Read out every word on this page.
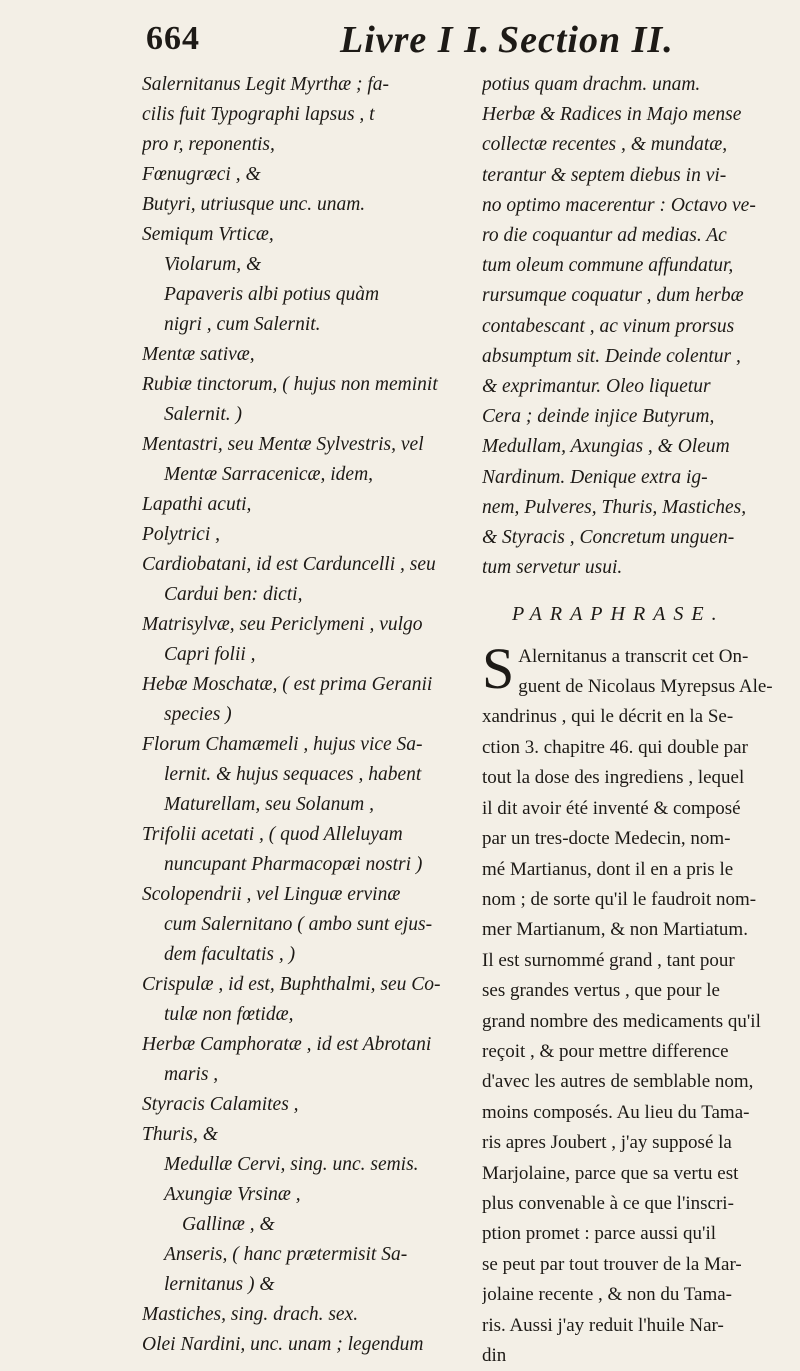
664	Livre I I. Section II.
Salernitanus Legit Myrthæ ; fa-
cilis fuit Typographi lapsus , t
pro r, reponentis,
Fœnugræci , &
Butyri, utriusque unc. unam.
Semiqum Vrticæ,
Violarum, &
Papaveris albi potius quàm
nigri , cum Salernit.
Mentæ sativæ,
Rubiæ tinctorum, ( hujus non meminit
Salernit. )
Mentastri, seu Mentæ Sylvestris, vel
Mentæ Sarracenicæ, idem,
Lapathi acuti,
Polytrici ,
Cardiobatani, id est Carduncelli , seu
Cardui ben: dicti,
Matrisylvæ, seu Periclymeni , vulgo
Capri folii ,
Hebæ Moschatæ, ( est prima Geranii
species )
Florum Chamæmeli , hujus vice Sa-
lernit. & hujus sequaces , habent
Maturellam, seu Solanum ,
Trifolii acetati , ( quod Alleluyam
nuncupant Pharmacopæi nostri )
Scolopendrii , vel Linguæ ervinæ
cum Salernitano ( ambo sunt ejus-
dem facultatis , )
Crispulæ , id est, Buphthalmi, seu Co-
tulæ non fœtidæ,
Herbæ Camphoratæ , id est Abrotani
maris ,
Styracis Calamites ,
Thuris, &
Medullæ Cervi, sing. unc. semis.
Axungiæ Vrsinæ ,
Gallinæ , &
Anseris, ( hanc prætermisit Sa-
lernitanus ) &
Mastiches, sing. drach. sex.
Olei Nardini, unc. unam ; legendum
potius quam drachm. unam.
Herbæ & Radices in Majo mense
collectæ recentes , & mundatæ,
terantur & septem diebus in vi-
no optimo macerentur : Octavo ve-
ro die coquantur ad medias. Ac
tum oleum commune affundatur,
rursumque coquatur , dum herbæ
contabescant , ac vinum prorsus
absumptum sit. Deinde colentur ,
& exprimantur. Oleo liquetur
Cera ; deinde injice Butyrum,
Medullam, Axungias , & Oleum
Nardinum. Denique extra ig-
nem, Pulveres, Thuris, Mastiches,
& Styracis , Concretum unguen-
tum servetur usui.
PARAPHRASE.
S Alernitanus a transcrit cet On-
guent de Nicolaus Myrepsus Ale-
xandrinus , qui le décrit en la Se-
ction 3. chapitre 46. qui double par
tout la dose des ingrediens , lequel
il dit avoir été inventé & composé
par un tres-docte Medecin, nom-
mé Martianus, dont il en a pris le
nom ; de sorte qu'il le faudroit nom-
mer Martianum, & non Martiatum.
Il est surnommé grand , tant pour
ses grandes vertus , que pour le
grand nombre des medicaments qu'il
reçoit , & pour mettre difference
d'avec les autres de semblable nom,
moins composés. Au lieu du Tama-
ris apres Joubert , j'ay supposé la
Marjolaine, parce que sa vertu est
plus convenable à ce que l'inscri-
ption promet : parce aussi qu'il
se peut par tout trouver de la Mar-
jolaine recente , & non du Tama-
ris. Aussi j'ay reduit l'huile Nar-
din
